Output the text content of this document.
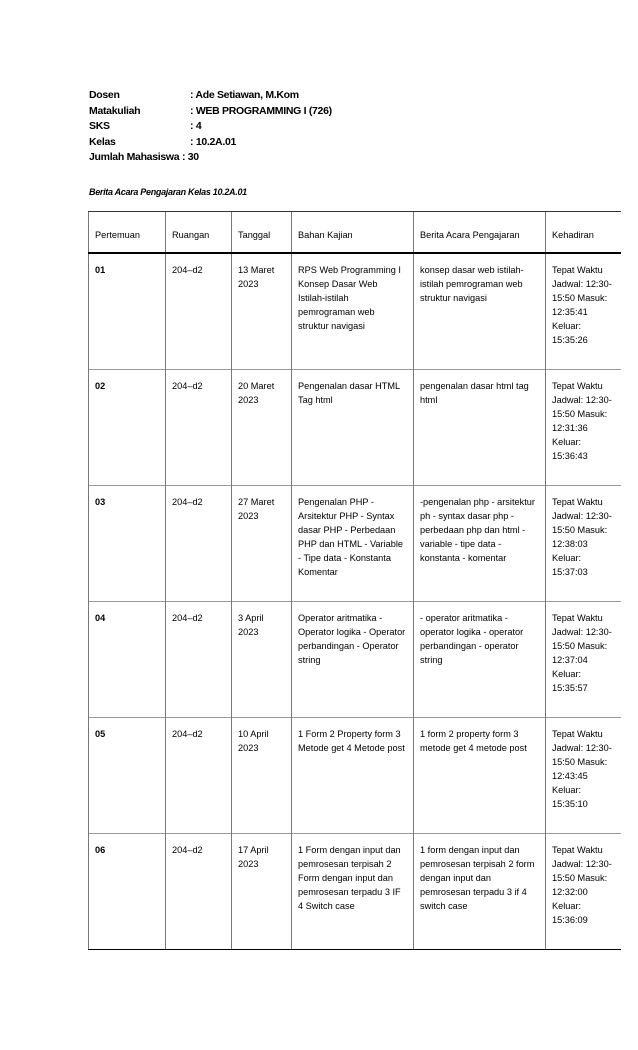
Dosen	: Ade Setiawan, M.Kom
Matakuliah	: WEB PROGRAMMING I (726)
SKS	: 4
Kelas	: 10.2A.01
Jumlah Mahasiswa : 30
Berita Acara Pengajaran Kelas 10.2A.01
Pertemuan	Ruangan	Tanggal	Bahan Kajian	Berita Acara Pengajaran	Kehadiran
01	204–d2	13 Maret 2023	RPS Web Programming I Konsep Dasar Web Istilah-istilah pemrograman web struktur navigasi	konsep dasar web istilah-istilah pemrograman web struktur navigasi	Tepat Waktu Jadwal: 12:30-15:50 Masuk: 12:35:41 Keluar: 15:35:26
02	204–d2	20 Maret 2023	Pengenalan dasar HTML Tag html	pengenalan dasar html tag html	Tepat Waktu Jadwal: 12:30-15:50 Masuk: 12:31:36 Keluar: 15:36:43
03	204–d2	27 Maret 2023	Pengenalan PHP - Arsitektur PHP - Syntax dasar PHP - Perbedaan PHP dan HTML - Variable - Tipe data - Konstanta Komentar	-pengenalan php - arsitektur ph - syntax dasar php - perbedaan php dan html - variable - tipe data - konstanta - komentar	Tepat Waktu Jadwal: 12:30-15:50 Masuk: 12:38:03 Keluar: 15:37:03
04	204–d2	3 April 2023	Operator aritmatika - Operator logika - Operator perbandingan - Operator string	- operator aritmatika - operator logika - operator perbandingan - operator string	Tepat Waktu Jadwal: 12:30-15:50 Masuk: 12:37:04 Keluar: 15:35:57
05	204–d2	10 April 2023	1 Form 2 Property form 3 Metode get 4 Metode post	1 form 2 property form 3 metode get 4 metode post	Tepat Waktu Jadwal: 12:30-15:50 Masuk: 12:43:45 Keluar: 15:35:10
06	204–d2	17 April 2023	1 Form dengan input dan pemrosesan terpisah 2 Form dengan input dan pemrosesan terpadu 3 IF 4 Switch case	1 form dengan input dan pemrosesan terpisah 2 form dengan input dan pemrosesan terpadu 3 if 4 switch case	Tepat Waktu Jadwal: 12:30-15:50 Masuk: 12:32:00 Keluar: 15:36:09
